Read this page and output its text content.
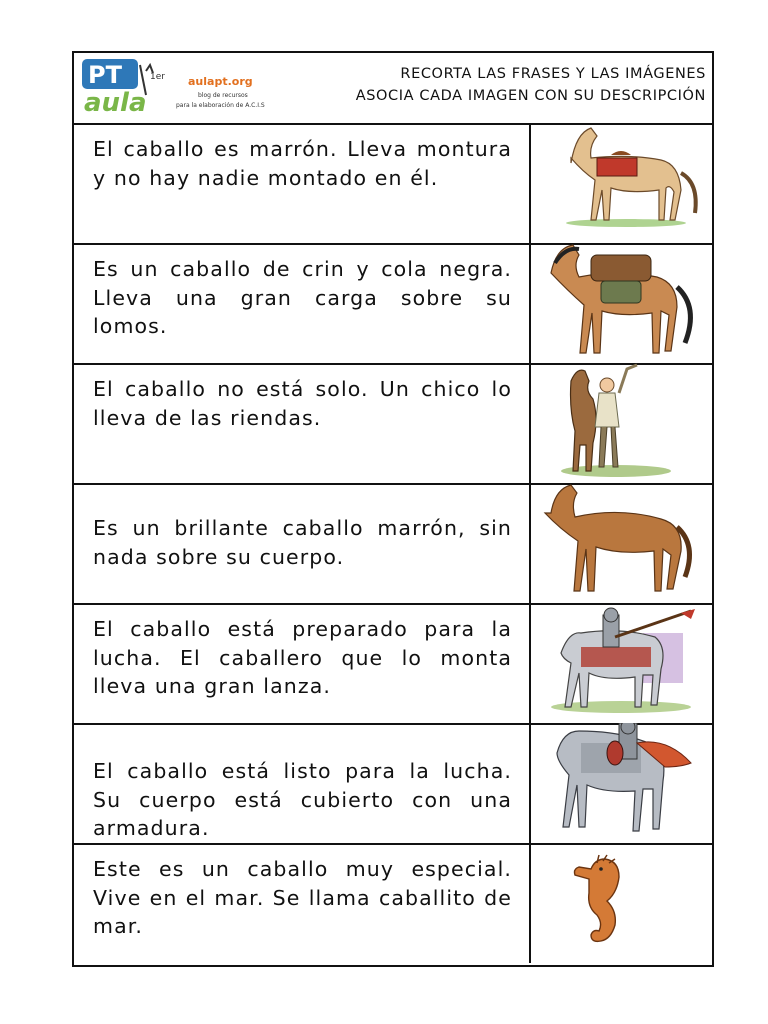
PT
aula
1er aulapt.org
blog de recursos
para la elaboración de A.C.I.S
RECORTA LAS FRASES Y LAS IMÁGENES
ASOCIA CADA IMAGEN CON SU DESCRIPCIÓN

El caballo es marrón. Lleva montura y no hay nadie montado en él.

Es un caballo de crin y cola negra. Lleva una gran carga sobre su lomos.

El caballo no está solo. Un chico lo lleva de las riendas.

Es un brillante caballo marrón, sin nada sobre su cuerpo.

El caballo está preparado para la lucha. El caballero que lo monta lleva una gran lanza.

El caballo está listo para la lucha. Su cuerpo está cubierto con una armadura.

Este es un caballo muy especial. Vive en el mar. Se llama caballito de mar.
